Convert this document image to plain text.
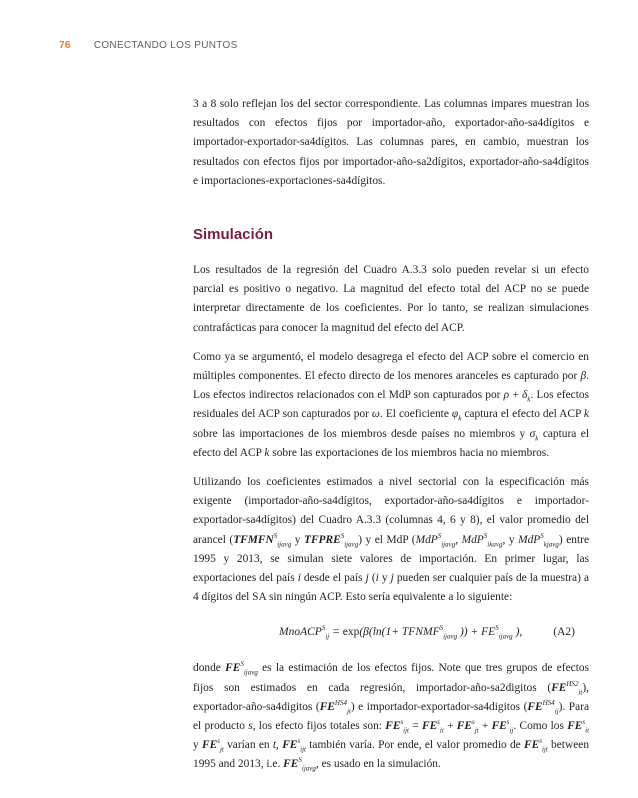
76 CONECTANDO LOS PUNTOS

3 a 8 solo reflejan los del sector correspondiente. Las columnas impares muestran los resultados con efectos fijos por importador-año, exportador-año-sa4dígitos e importador-exportador-sa4dígitos. Las columnas pares, en cambio, muestran los resultados con efectos fijos por importador-año-sa2dígitos, exportador-año-sa4dígitos e importaciones-exportaciones-sa4dígitos.

Simulación

Los resultados de la regresión del Cuadro A.3.3 solo pueden revelar si un efecto parcial es positivo o negativo. La magnitud del efecto total del ACP no se puede interpretar directamente de los coeficientes. Por lo tanto, se realizan simulaciones contrafácticas para conocer la magnitud del efecto del ACP.

Como ya se argumentó, el modelo desagrega el efecto del ACP sobre el comercio en múltiples componentes. El efecto directo de los menores aranceles es capturado por β. Los efectos indirectos relacionados con el MdP son capturados por $\rho + \delta_k$. Los efectos residuales del ACP son capturados por ω. El coeficiente $\varphi_k$ captura el efecto del ACP k sobre las importaciones de los miembros desde países no miembros y $\sigma_k$ captura el efecto del ACP k sobre las exportaciones de los miembros hacia no miembros.

Utilizando los coeficientes estimados a nivel sectorial con la especificación más exigente (importador-año-sa4dígitos, exportador-año-sa4dígitos e importador-exportador-sa4dígitos) del Cuadro A.3.3 (columnas 4, 6 y 8), el valor promedio del arancel ($TFMFN^S_{ijavg}$ y $TFPRE^S_{ijavg}$) y el MdP (MdP$^S_{ijavg}$, MdP$^S_{ikavg}$, y MdP$^S_{kjavg}$) entre 1995 y 2013, se simulan siete valores de importación. En primer lugar, las exportaciones del país i desde el país j (i y j pueden ser cualquier país de la muestra) a 4 dígitos del SA sin ningún ACP. Esto sería equivalente a lo siguiente:

MnoACP$^S_{ij}$ = $\exp(\beta(\ln(1+ TFNMF^S_{ijavg}$ )) + $FE^S_{ijavg}$ ),	(A2)

donde $FE^S_{ijavg}$ es la estimación de los efectos fijos. Note que tres grupos de efectos fijos son estimados en cada regresión, importador-año-sa2digitos $(FE^{HS2}_{it})$, exportador-año-sa4digitos $(FE^{HS4}_{jt})$ e importador-exportador-sa4digitos $(FE^{HS4}_{ij})$. Para el producto s, los efecto fijos totales son: $FE^s_{ijt} = FE^s_{it} + FE^s_{jt} + FE^s_{ij}$. Como los $FE^s_{it}$ y $FE^s_{jt}$ varían en t, $FE^s_{ijt}$ también varía. Por ende, el valor promedio de $FE^s_{ijt}$ between 1995 and 2013, i.e. $FE^S_{ijavg}$, es usado en la simulación.
